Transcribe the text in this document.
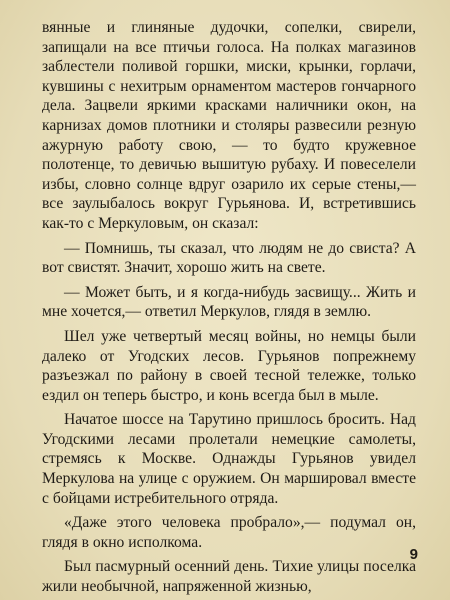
вянные и глиняные дудочки, сопелки, свирели, запищали на все птичьи голоса. На полках магазинов заблестели поливой горшки, миски, крынки, горлачи, кувшины с нехитрым орнаментом мастеров гончарного дела. Зацвели яркими красками наличники окон, на карнизах домов плотники и столяры развесили резную ажурную работу свою, — то будто кружевное полотенце, то девичью вышитую рубаху. И повеселели избы, словно солнце вдруг озарило их серые стены,— все заулыбалось вокруг Гурьянова. И, встретившись как-то с Меркуловым, он сказал:

— Помнишь, ты сказал, что людям не до свиста? А вот свистят. Значит, хорошо жить на свете.

— Может быть, и я когда-нибудь засвищу... Жить и мне хочется,— ответил Меркулов, глядя в землю.

Шел уже четвертый месяц войны, но немцы были далеко от Угодских лесов. Гурьянов попрежнему разъезжал по району в своей тесной тележке, только ездил он теперь быстро, и конь всегда был в мыле.

Начатое шоссе на Тарутино пришлось бросить. Над Угодскими лесами пролетали немецкие самолеты, стремясь к Москве. Однажды Гурьянов увидел Меркулова на улице с оружием. Он маршировал вместе с бойцами истребительного отряда.

«Даже этого человека пробрало»,— подумал он, глядя в окно исполкома.

Был пасмурный осенний день. Тихие улицы поселка жили необычной, напряженной жизнью,

9
